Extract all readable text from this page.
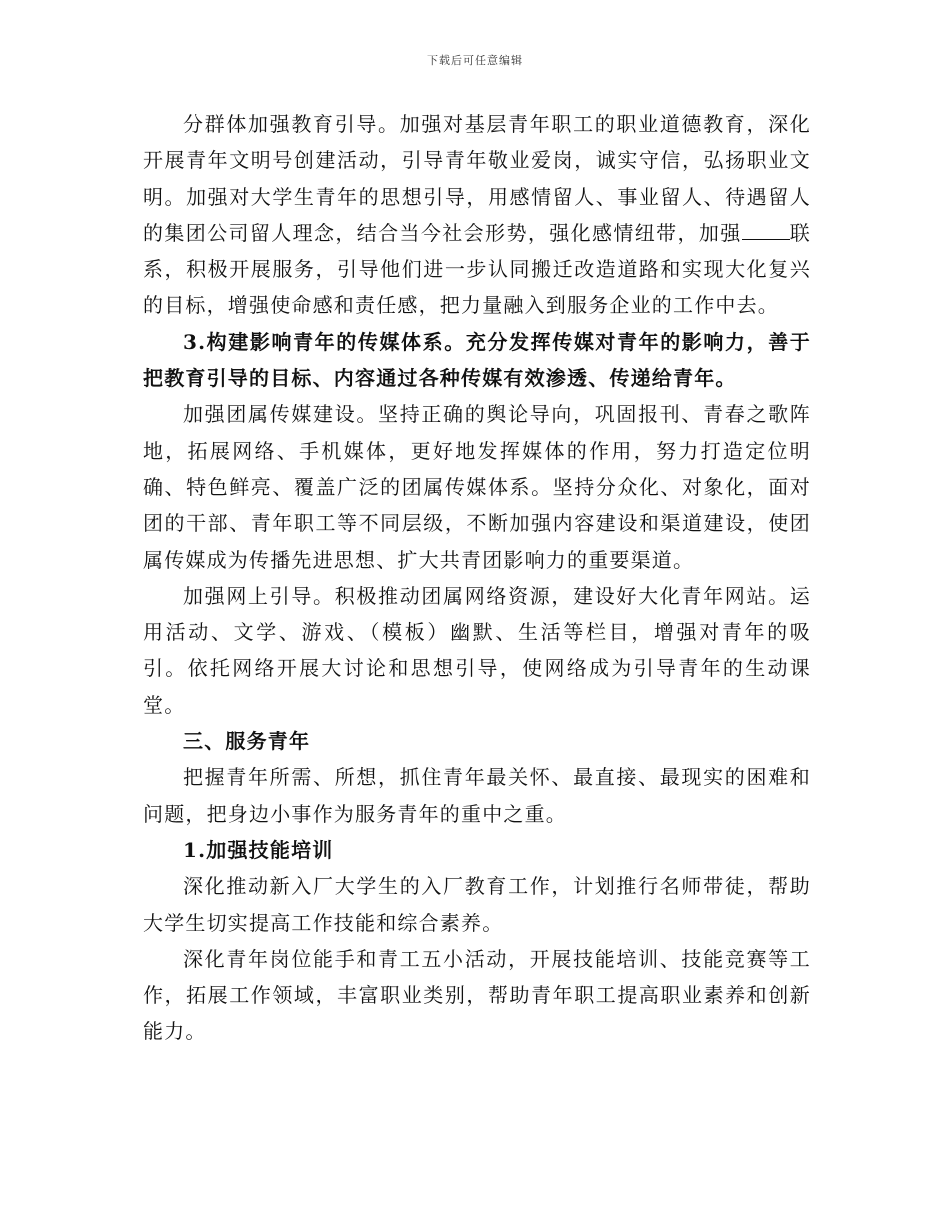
下载后可任意编辑

分群体加强教育引导。加强对基层青年职工的职业道德教育，深化开展青年文明号创建活动，引导青年敬业爱岗，诚实守信，弘扬职业文明。加强对大学生青年的思想引导，用感情留人、事业留人、待遇留人的集团公司留人理念，结合当今社会形势，强化感情纽带，加强 联系，积极开展服务，引导他们进一步认同搬迁改造道路和实现大化复兴的目标，增强使命感和责任感，把力量融入到服务企业的工作中去。

3.构建影响青年的传媒体系。充分发挥传媒对青年的影响力，善于把教育引导的目标、内容通过各种传媒有效渗透、传递给青年。

加强团属传媒建设。坚持正确的舆论导向，巩固报刊、青春之歌阵地，拓展网络、手机媒体，更好地发挥媒体的作用，努力打造定位明确、特色鲜亮、覆盖广泛的团属传媒体系。坚持分众化、对象化，面对团的干部、青年职工等不同层级，不断加强内容建设和渠道建设，使团属传媒成为传播先进思想、扩大共青团影响力的重要渠道。

加强网上引导。积极推动团属网络资源，建设好大化青年网站。运用活动、文学、游戏、（模板）幽默、生活等栏目，增强对青年的吸引。依托网络开展大讨论和思想引导，使网络成为引导青年的生动课堂。

三、服务青年

把握青年所需、所想，抓住青年最关怀、最直接、最现实的困难和问题，把身边小事作为服务青年的重中之重。

1.加强技能培训

深化推动新入厂大学生的入厂教育工作，计划推行名师带徒，帮助大学生切实提高工作技能和综合素养。

深化青年岗位能手和青工五小活动，开展技能培训、技能竞赛等工作，拓展工作领域，丰富职业类别，帮助青年职工提高职业素养和创新能力。
